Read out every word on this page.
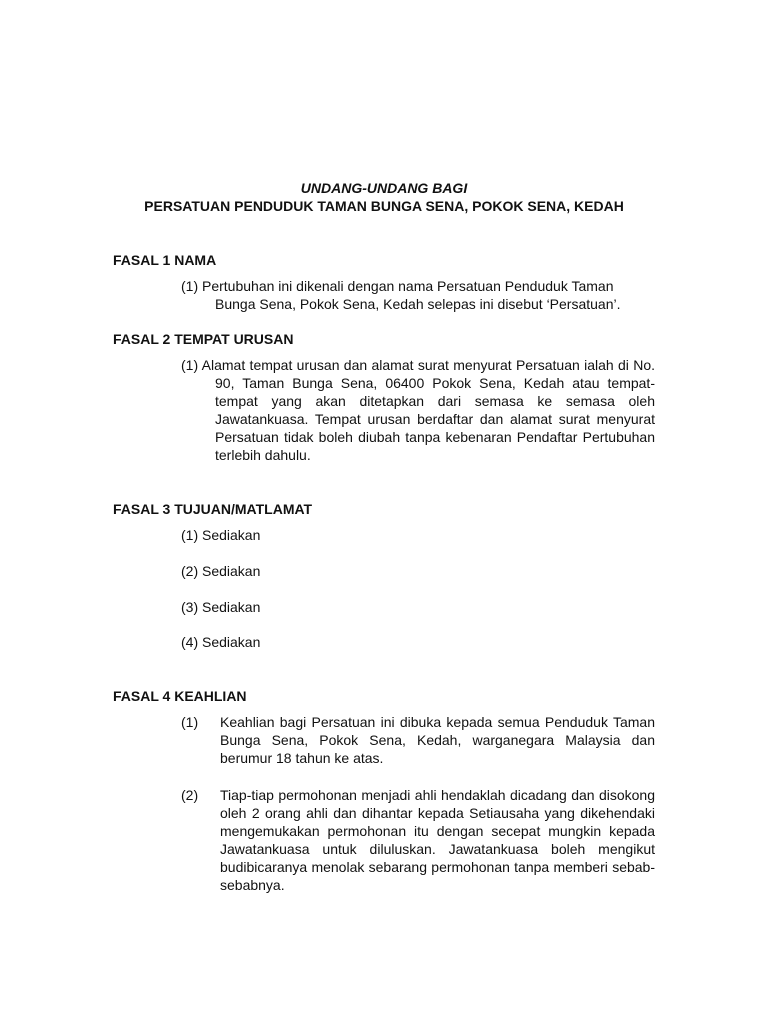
UNDANG-UNDANG BAGI
PERSATUAN PENDUDUK TAMAN BUNGA SENA, POKOK SENA, KEDAH
FASAL 1 NAMA
(1) Pertubuhan ini dikenali dengan nama Persatuan Penduduk Taman Bunga Sena, Pokok Sena, Kedah selepas ini disebut ‘Persatuan’.
FASAL 2 TEMPAT URUSAN
(1) Alamat tempat urusan dan alamat surat menyurat Persatuan ialah di No. 90, Taman Bunga Sena, 06400 Pokok Sena, Kedah atau tempat-tempat yang akan ditetapkan dari semasa ke semasa oleh Jawatankuasa. Tempat urusan berdaftar dan alamat surat menyurat Persatuan tidak boleh diubah tanpa kebenaran Pendaftar Pertubuhan terlebih dahulu.
FASAL 3 TUJUAN/MATLAMAT
(1) Sediakan
(2) Sediakan
(3) Sediakan
(4) Sediakan
FASAL 4 KEAHLIAN
(1) Keahlian bagi Persatuan ini dibuka kepada semua Penduduk Taman Bunga Sena, Pokok Sena, Kedah, warganegara Malaysia dan berumur 18 tahun ke atas.
(2) Tiap-tiap permohonan menjadi ahli hendaklah dicadang dan disokong oleh 2 orang ahli dan dihantar kepada Setiausaha yang dikehendaki mengemukakan permohonan itu dengan secepat mungkin kepada Jawatankuasa untuk diluluskan. Jawatankuasa boleh mengikut budibicaranya menolak sebarang permohonan tanpa memberi sebab-sebabnya.
